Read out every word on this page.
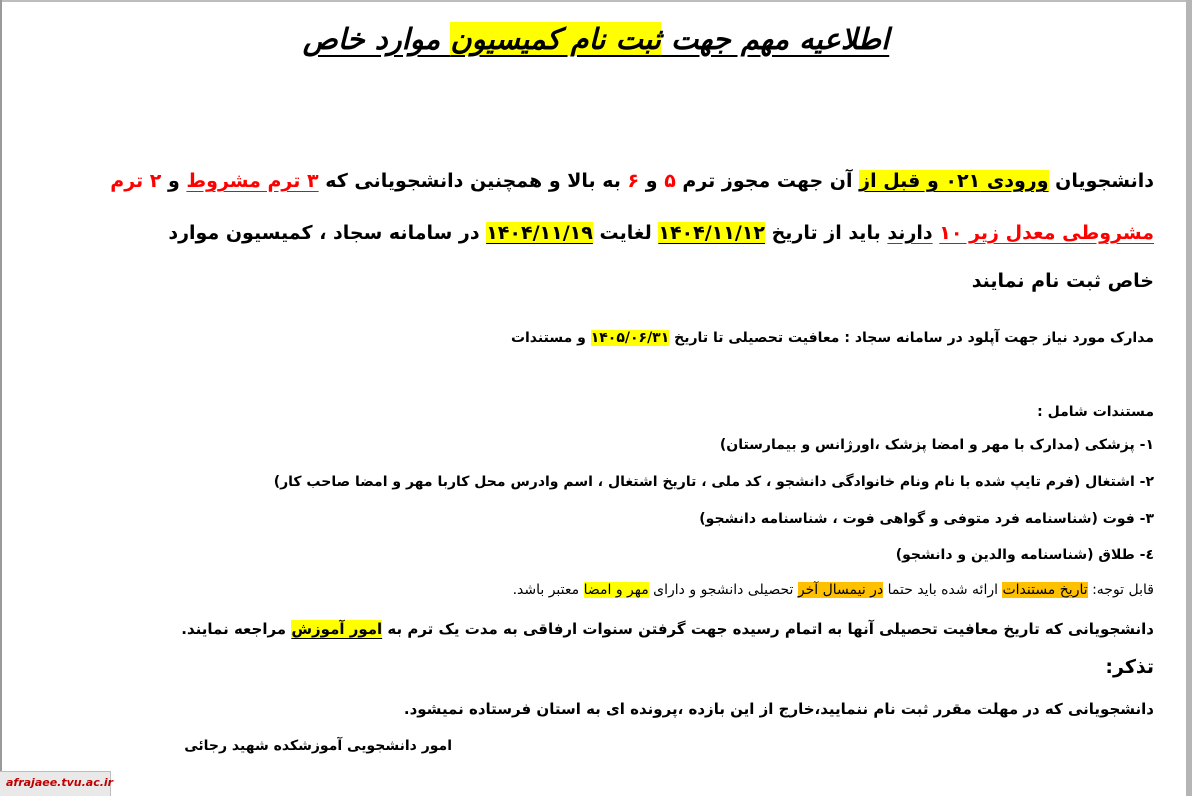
اطلاعیه مهم جهت ثبت نام کمیسیون موارد خاص
دانشجویان ورودی ۰۲۱ و قبل از آن جهت مجوز ترم ۵ و ۶ به بالا و همچنین دانشجویانی که ۳ ترم مشروط و ۲ ترم
مشروطی معدل زیر ۱۰ دارند باید از تاریخ ۱۴۰۴/۱۱/۱۲ لغایت ۱۴۰۴/۱۱/۱۹ در سامانه سجاد ، کمیسیون موارد
خاص ثبت نام نمایند
مدارک مورد نیاز جهت آپلود در سامانه سجاد : معافیت تحصیلی تا تاریخ ۱۴۰۵/۰۶/۳۱ و مستندات
مستندات شامل :
۱- پزشکی (مدارک با مهر و امضا پزشک ،اورژانس و بیمارستان)
۲- اشتغال (فرم تایپ شده با نام ونام خانوادگی دانشجو ، کد ملی ، تاریخ اشتغال ، اسم وادرس محل کاربا مهر و امضا صاحب کار)
۳- فوت (شناسنامه فرد متوفی و گواهی فوت ، شناسنامه دانشجو)
٤- طلاق (شناسنامه والدین و دانشجو)
قابل توجه: تاریخ مستندات ارائه شده باید حتما در نیمسال آخر تحصیلی دانشجو و دارای مهر و امضا معتبر باشد.
دانشجویانی که تاریخ معافیت تحصیلی آنها به اتمام رسیده جهت گرفتن سنوات ارفاقی به مدت یک ترم به امور آموزش مراجعه نمایند.
تذکر:
دانشجویانی که در مهلت مقرر ثبت نام ننمایید،خارج از این بازده ،پرونده ای به استان فرستاده نمیشود.
امور دانشجویی آموزشکده شهید رجائی
afrajaee.tvu.ac.ir
